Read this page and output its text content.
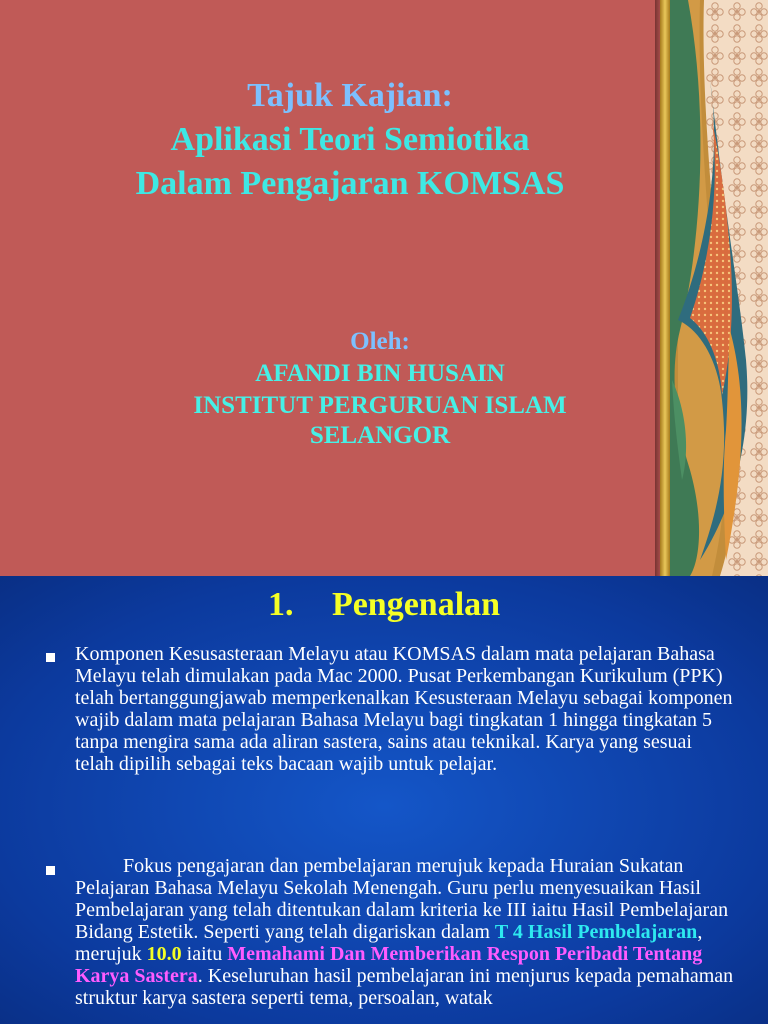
Tajuk Kajian:
Aplikasi Teori Semiotika
Dalam Pengajaran KOMSAS
Oleh:
AFANDI BIN HUSAIN
INSTITUT PERGURUAN ISLAM
SELANGOR
1. Pengenalan
Komponen Kesusasteraan Melayu atau KOMSAS dalam mata pelajaran Bahasa Melayu telah dimulakan pada Mac 2000. Pusat Perkembangan Kurikulum (PPK) telah bertanggungjawab memperkenalkan Kesusteraan Melayu sebagai komponen wajib dalam mata pelajaran Bahasa Melayu bagi tingkatan 1 hingga tingkatan 5 tanpa mengira sama ada aliran sastera, sains atau teknikal. Karya yang sesuai telah dipilih sebagai teks bacaan wajib untuk pelajar.
Fokus pengajaran dan pembelajaran merujuk kepada Huraian Sukatan Pelajaran Bahasa Melayu Sekolah Menengah. Guru perlu menyesuaikan Hasil Pembelajaran yang telah ditentukan dalam kriteria ke III iaitu Hasil Pembelajaran Bidang Estetik. Seperti yang telah digariskan dalam T 4 Hasil Pembelajaran, merujuk 10.0 iaitu Memahami Dan Memberikan Respon Peribadi Tentang Karya Sastera. Keseluruhan hasil pembelajaran ini menjurus kepada pemahaman struktur karya sastera seperti tema, persoalan, watak
